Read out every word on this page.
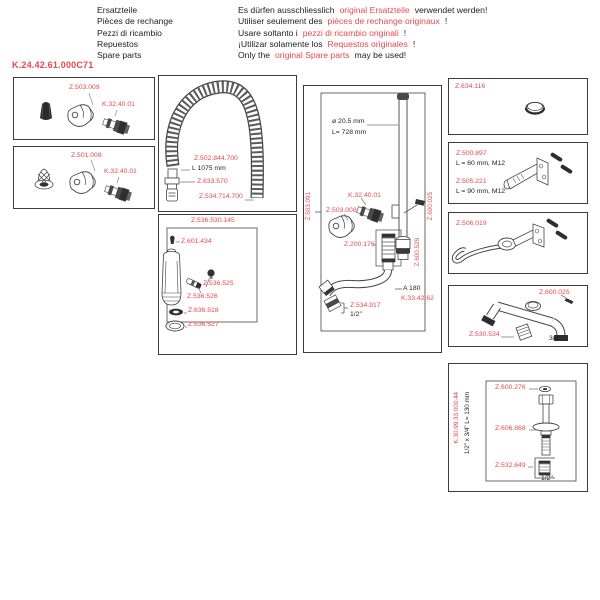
Ersatzteile
Pièces de rechange
Pezzi di ricambio
Repuestos
Spare parts
Es dürfen ausschliesslich original Ersatzteile verwendet werden!
Utiliser seulement des pièces de rechange originaux !
Usare soltanto i pezzi di ricambio originali !
¡Utilizar solamente los Requestos originales !
Only the original Spare parts may be used!
K.24.42.61.000C71
Z.503.009
K.32.40.01
Z.501.008
K.32.40.01
Z.502.844.700
L 1075 mm
Z.633.570
Z.534.714.700
Z.536.530.145
Z.601.434
Z.536.525
Z.536.526
Z.636.518
Z.536.527
Z.503.091
ø 20.5 mm
L= 728 mm
K.32.40.01
Z.503.008	Z.600.025
Z.200.176	Z.600.529
A 180
K.33.42.62
Z.534.917
1/2"
Z.634.116
Z.500.897
L = 60 mm, M12
Z.505.221
L = 90 mm, M12
Z.506.019
Z.600.025
Z.530.534
3/4"
K.30.99.33.000.44 1/2" x 3/4" L= 130 mm
Z.600.276
Z.606.868
Z.532.649
1/2"
